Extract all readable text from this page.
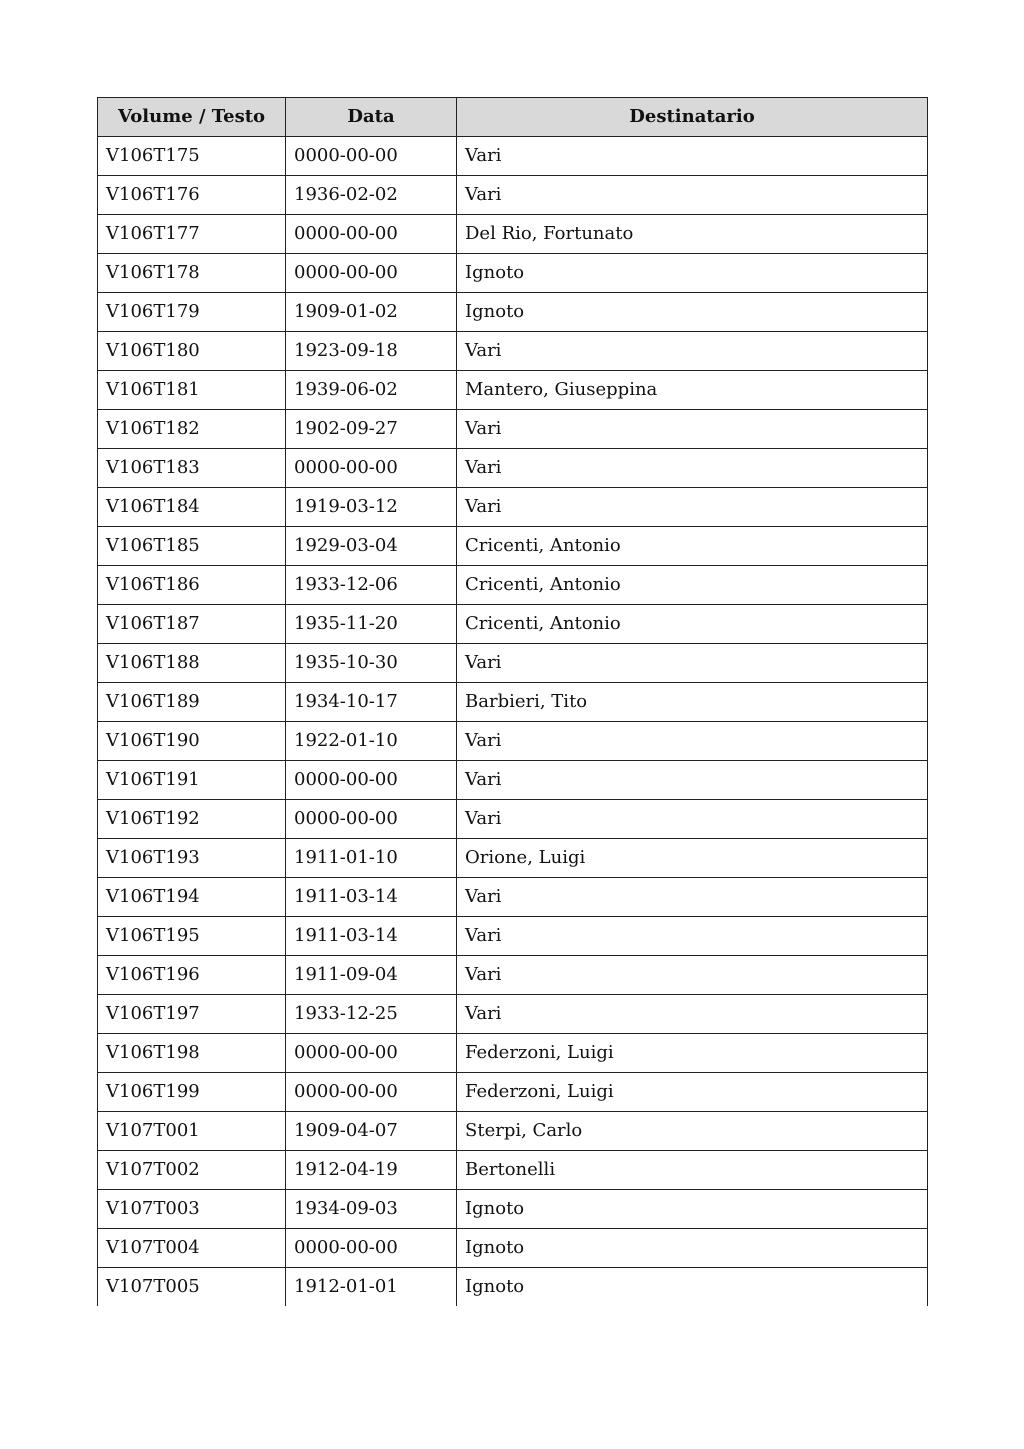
Volume / Testo	Data	Destinatario
V106T175	0000-00-00	Vari
V106T176	1936-02-02	Vari
V106T177	0000-00-00	Del Rio, Fortunato
V106T178	0000-00-00	Ignoto
V106T179	1909-01-02	Ignoto
V106T180	1923-09-18	Vari
V106T181	1939-06-02	Mantero, Giuseppina
V106T182	1902-09-27	Vari
V106T183	0000-00-00	Vari
V106T184	1919-03-12	Vari
V106T185	1929-03-04	Cricenti, Antonio
V106T186	1933-12-06	Cricenti, Antonio
V106T187	1935-11-20	Cricenti, Antonio
V106T188	1935-10-30	Vari
V106T189	1934-10-17	Barbieri, Tito
V106T190	1922-01-10	Vari
V106T191	0000-00-00	Vari
V106T192	0000-00-00	Vari
V106T193	1911-01-10	Orione, Luigi
V106T194	1911-03-14	Vari
V106T195	1911-03-14	Vari
V106T196	1911-09-04	Vari
V106T197	1933-12-25	Vari
V106T198	0000-00-00	Federzoni, Luigi
V106T199	0000-00-00	Federzoni, Luigi
V107T001	1909-04-07	Sterpi, Carlo
V107T002	1912-04-19	Bertonelli
V107T003	1934-09-03	Ignoto
V107T004	0000-00-00	Ignoto
V107T005	1912-01-01	Ignoto
